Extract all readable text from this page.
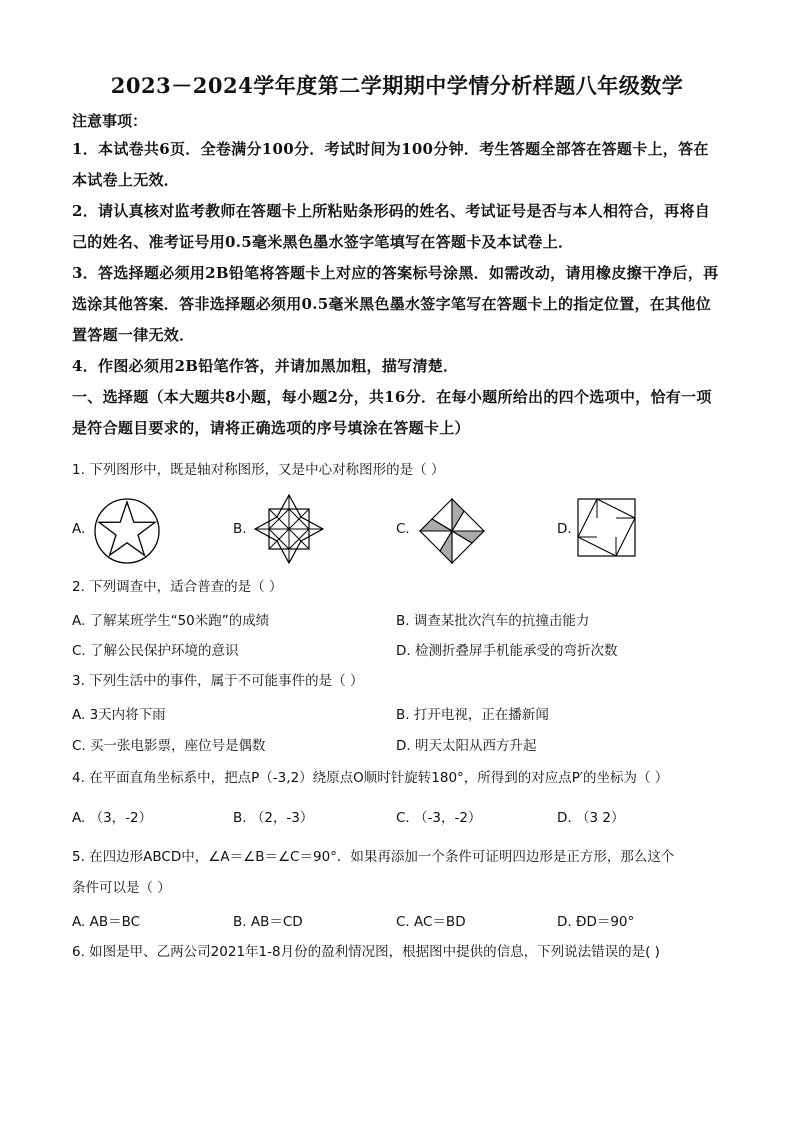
2023－2024学年度第二学期期中学情分析样题八年级数学
注意事项：
1．本试卷共6页．全卷满分100分．考试时间为100分钟．考生答题全部答在答题卡上，答在本试卷上无效．
2．请认真核对监考教师在答题卡上所粘贴条形码的姓名、考试证号是否与本人相符合，再将自己的姓名、准考证号用0.5毫米黑色墨水签字笔填写在答题卡及本试卷上．
3．答选择题必须用2B铅笔将答题卡上对应的答案标号涂黑．如需改动，请用橡皮擦干净后，再选涂其他答案．答非选择题必须用0.5毫米黑色墨水签字笔写在答题卡上的指定位置，在其他位置答题一律无效．
4．作图必须用2B铅笔作答，并请加黑加粗，描写清楚．
一、选择题（本大题共8小题，每小题2分，共16分．在每小题所给出的四个选项中，恰有一项是符合题目要求的，请将正确选项的序号填涂在答题卡上）
1. 下列图形中，既是轴对称图形，又是中心对称图形的是（ ）
A.	B.	C.	D.
2. 下列调查中，适合普查的是（ ）
A. 了解某班学生“50米跑”的成绩	B. 调查某批次汽车的抗撞击能力
C. 了解公民保护环境的意识	D. 检测折叠屏手机能承受的弯折次数
3. 下列生活中的事件，属于不可能事件的是（ ）
A. 3天内将下雨	B. 打开电视，正在播新闻
C. 买一张电影票，座位号是偶数	D. 明天太阳从西方升起
4. 在平面直角坐标系中，把点P（-3,2）绕原点O顺时针旋转180°，所得到的对应点P′的坐标为（ ）
A. （3，-2）	B. （2，-3）	C. （-3，-2）	D. （3 2）
5. 在四边形ABCD中，∠A＝∠B＝∠C＝90°．如果再添加一个条件可证明四边形是正方形，那么这个
条件可以是（ ）
A. AB＝BC	B. AB＝CD	C. AC＝BD	D. ÐD＝90°
6. 如图是甲、乙两公司2021年1-8月份的盈利情况图，根据图中提供的信息，下列说法错误的是( )
